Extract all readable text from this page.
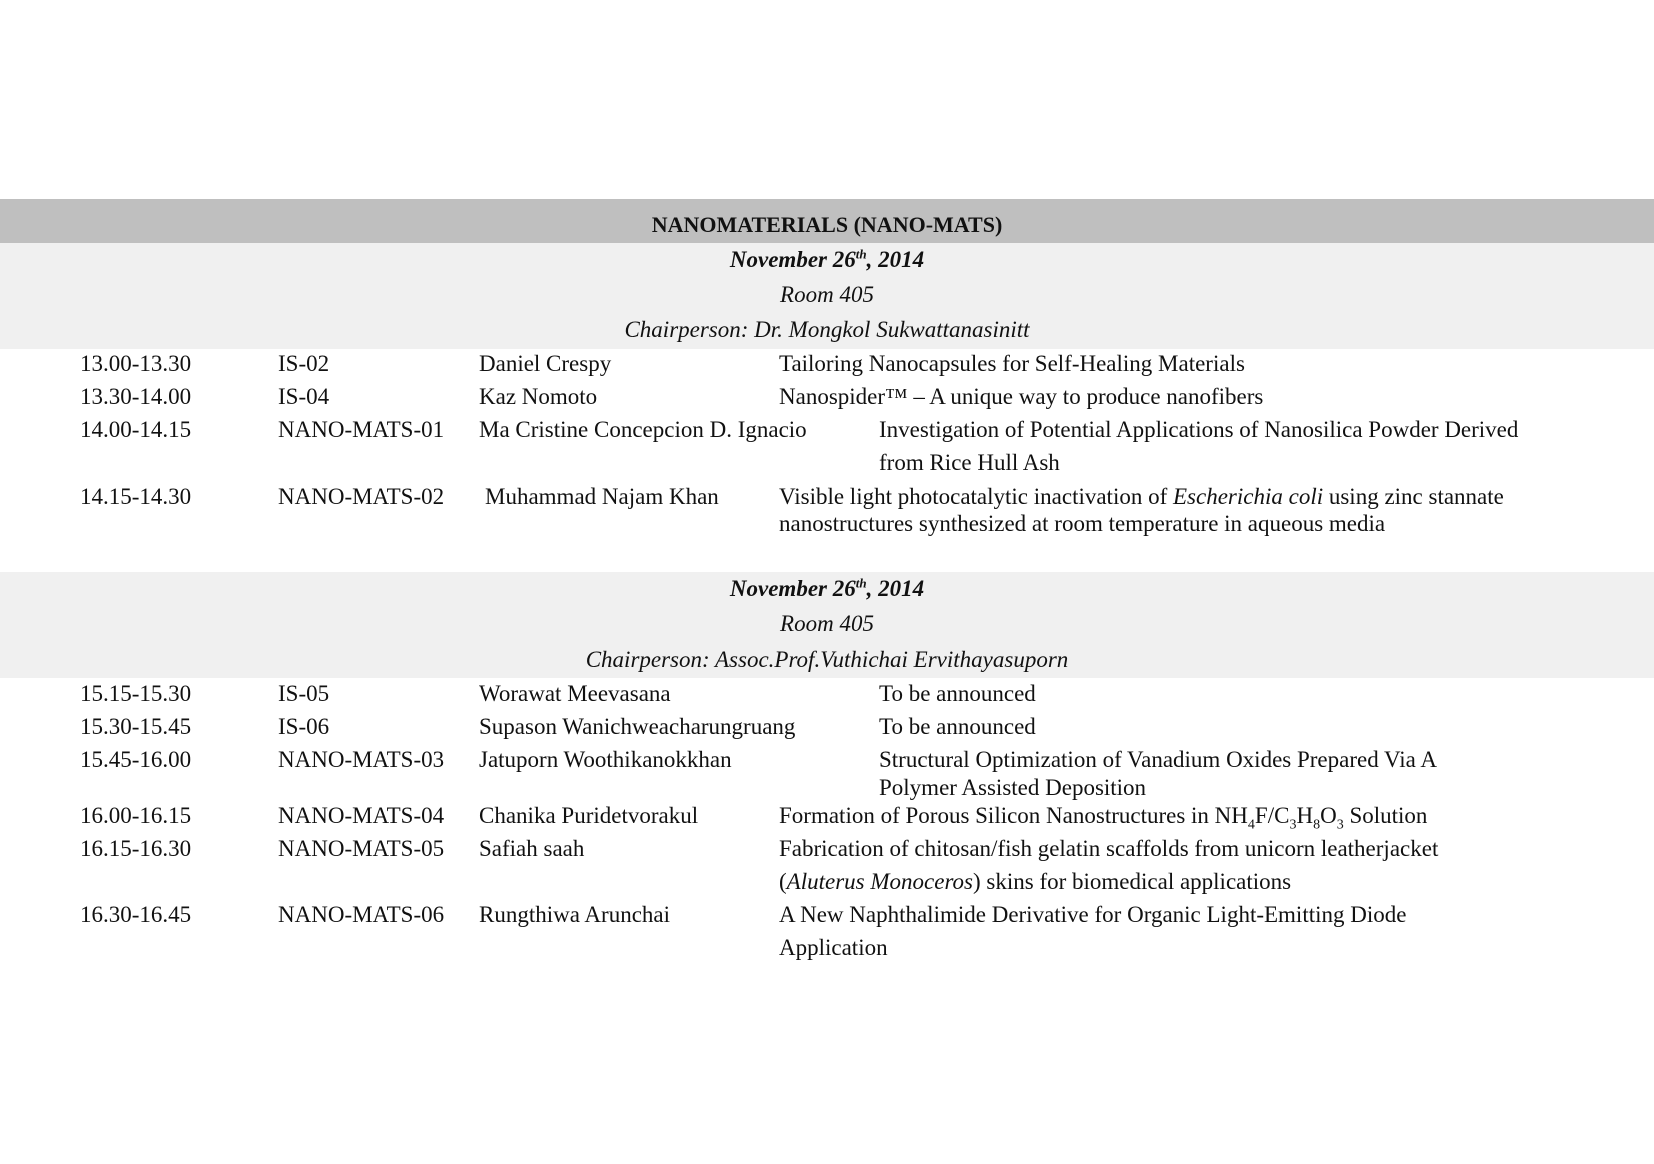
NANOMATERIALS (NANO-MATS)
November 26th, 2014
Room 405
Chairperson: Dr. Mongkol Sukwattanasinitt
13.00-13.30	IS-02	Daniel Crespy	Tailoring Nanocapsules for Self-Healing Materials
13.30-14.00	IS-04	Kaz Nomoto	Nanospider™ – A unique way to produce nanofibers
14.00-14.15	NANO-MATS-01 Ma Cristine Concepcion D. Ignacio	Investigation of Potential Applications of Nanosilica Powder Derived
from Rice Hull Ash
14.15-14.30	NANO-MATS-02 Muhammad Najam Khan	Visible light photocatalytic inactivation of Escherichia coli using zinc stannate
nanostructures synthesized at room temperature in aqueous media
November 26th, 2014
Room 405
Chairperson: Assoc.Prof.Vuthichai Ervithayasuporn
15.15-15.30	IS-05	Worawat Meevasana	To be announced
15.30-15.45	IS-06	Supason Wanichweacharungruang	To be announced
15.45-16.00	NANO-MATS-03 Jatuporn Woothikanokkhan	Structural Optimization of Vanadium Oxides Prepared Via A
Polymer Assisted Deposition
16.00-16.15	NANO-MATS-04 Chanika Puridetvorakul	Formation of Porous Silicon Nanostructures in $NH_4F/C_3H_8O_3$ Solution
16.15-16.30	NANO-MATS-05 Safiah saah	Fabrication of chitosan/fish gelatin scaffolds from unicorn leatherjacket
(Aluterus Monoceros) skins for biomedical applications
16.30-16.45	NANO-MATS-06 Rungthiwa Arunchai	A New Naphthalimide Derivative for Organic Light-Emitting Diode
Application
